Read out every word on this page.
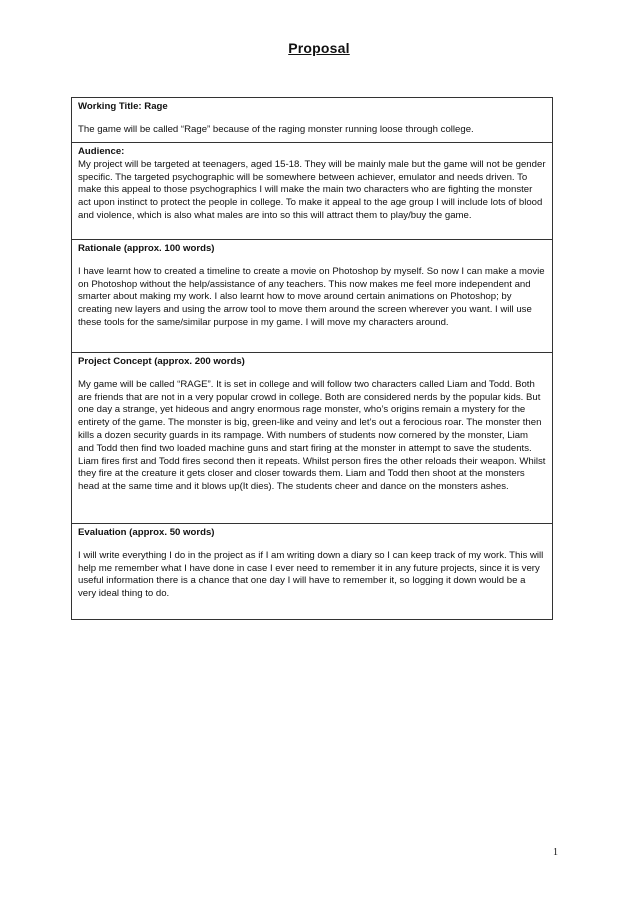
Proposal

Working Title: Rage

The game will be called “Rage” because of the raging monster running loose through college.

Audience:

My project will be targeted at teenagers, aged 15-18. They will be mainly male but the game will not be gender specific. The targeted psychographic will be somewhere between achiever, emulator and needs driven. To make this appeal to those psychographics I will make the main two characters who are fighting the monster act upon instinct to protect the people in college. To make it appeal to the age group I will include lots of blood and violence, which is also what males are into so this will attract them to play/buy the game.

Rationale (approx. 100 words)

I have learnt how to created a timeline to create a movie on Photoshop by myself. So now I can make a movie on Photoshop without the help/assistance of any teachers. This now makes me feel more independent and smarter about making my work. I also learnt how to move around certain animations on Photoshop; by creating new layers and using the arrow tool to move them around the screen wherever you want. I will use these tools for the same/similar purpose in my game. I will move my characters around.

Project Concept (approx. 200 words)

My game will be called “RAGE”. It is set in college and will follow two characters called Liam and Todd. Both are friends that are not in a very popular crowd in college. Both are considered nerds by the popular kids. But one day a strange, yet hideous and angry enormous rage monster, who’s origins remain a mystery for the entirety of the game. The monster is big, green-like and veiny and let’s out a ferocious roar. The monster then kills a dozen security guards in its rampage. With numbers of students now cornered by the monster, Liam and Todd then find two loaded machine guns and start firing at the monster in attempt to save the students. Liam fires first and Todd fires second then it repeats. Whilst person fires the other reloads their weapon. Whilst they fire at the creature it gets closer and closer towards them. Liam and Todd then shoot at the monsters head at the same time and it blows up(It dies). The students cheer and dance on the monsters ashes.

Evaluation (approx. 50 words)

I will write everything I do in the project as if I am writing down a diary so I can keep track of my work. This will help me remember what I have done in case I ever need to remember it in any future projects, since it is very useful information there is a chance that one day I will have to remember it, so logging it down would be a very ideal thing to do.

1
